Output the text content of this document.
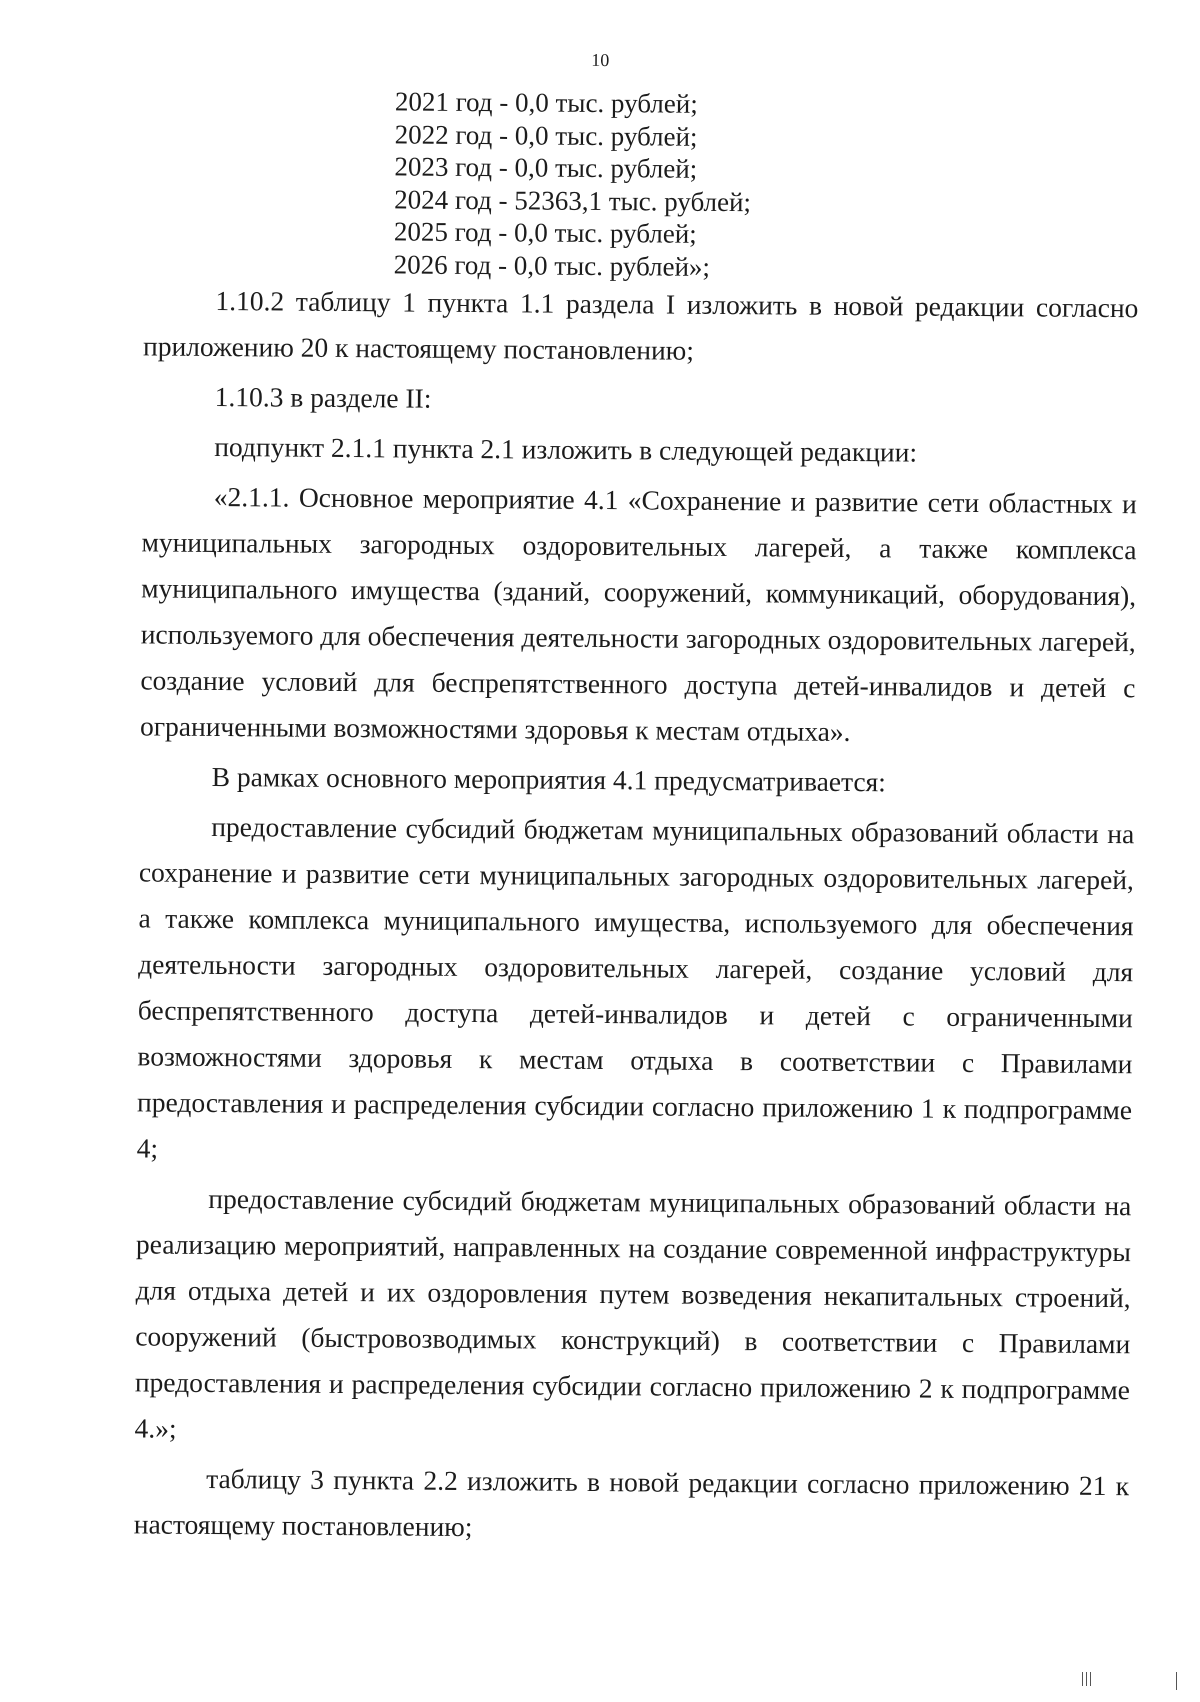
10
2021 год - 0,0 тыс. рублей;
2022 год - 0,0 тыс. рублей;
2023 год - 0,0 тыс. рублей;
2024 год - 52363,1 тыс. рублей;
2025 год - 0,0 тыс. рублей;
2026 год - 0,0 тыс. рублей»;

1.10.2 таблицу 1 пункта 1.1 раздела I изложить в новой редакции согласно приложению 20 к настоящему постановлению;

1.10.3 в разделе II:

подпункт 2.1.1 пункта 2.1 изложить в следующей редакции:

«2.1.1. Основное мероприятие 4.1 «Сохранение и развитие сети областных и муниципальных загородных оздоровительных лагерей, а также комплекса муниципального имущества (зданий, сооружений, коммуникаций, оборудования), используемого для обеспечения деятельности загородных оздоровительных лагерей, создание условий для беспрепятственного доступа детей-инвалидов и детей с ограниченными возможностями здоровья к местам отдыха».

В рамках основного мероприятия 4.1 предусматривается:

предоставление субсидий бюджетам муниципальных образований области на сохранение и развитие сети муниципальных загородных оздоровительных лагерей, а также комплекса муниципального имущества, используемого для обеспечения деятельности загородных оздоровительных лагерей, создание условий для беспрепятственного доступа детей-инвалидов и детей с ограниченными возможностями здоровья к местам отдыха в соответствии с Правилами предоставления и распределения субсидии согласно приложению 1 к подпрограмме 4;

предоставление субсидий бюджетам муниципальных образований области на реализацию мероприятий, направленных на создание современной инфраструктуры для отдыха детей и их оздоровления путем возведения некапитальных строений, сооружений (быстровозводимых конструкций) в соответствии с Правилами предоставления и распределения субсидии согласно приложению 2 к подпрограмме 4.»;

таблицу 3 пункта 2.2 изложить в новой редакции согласно приложению 21 к настоящему постановлению;
